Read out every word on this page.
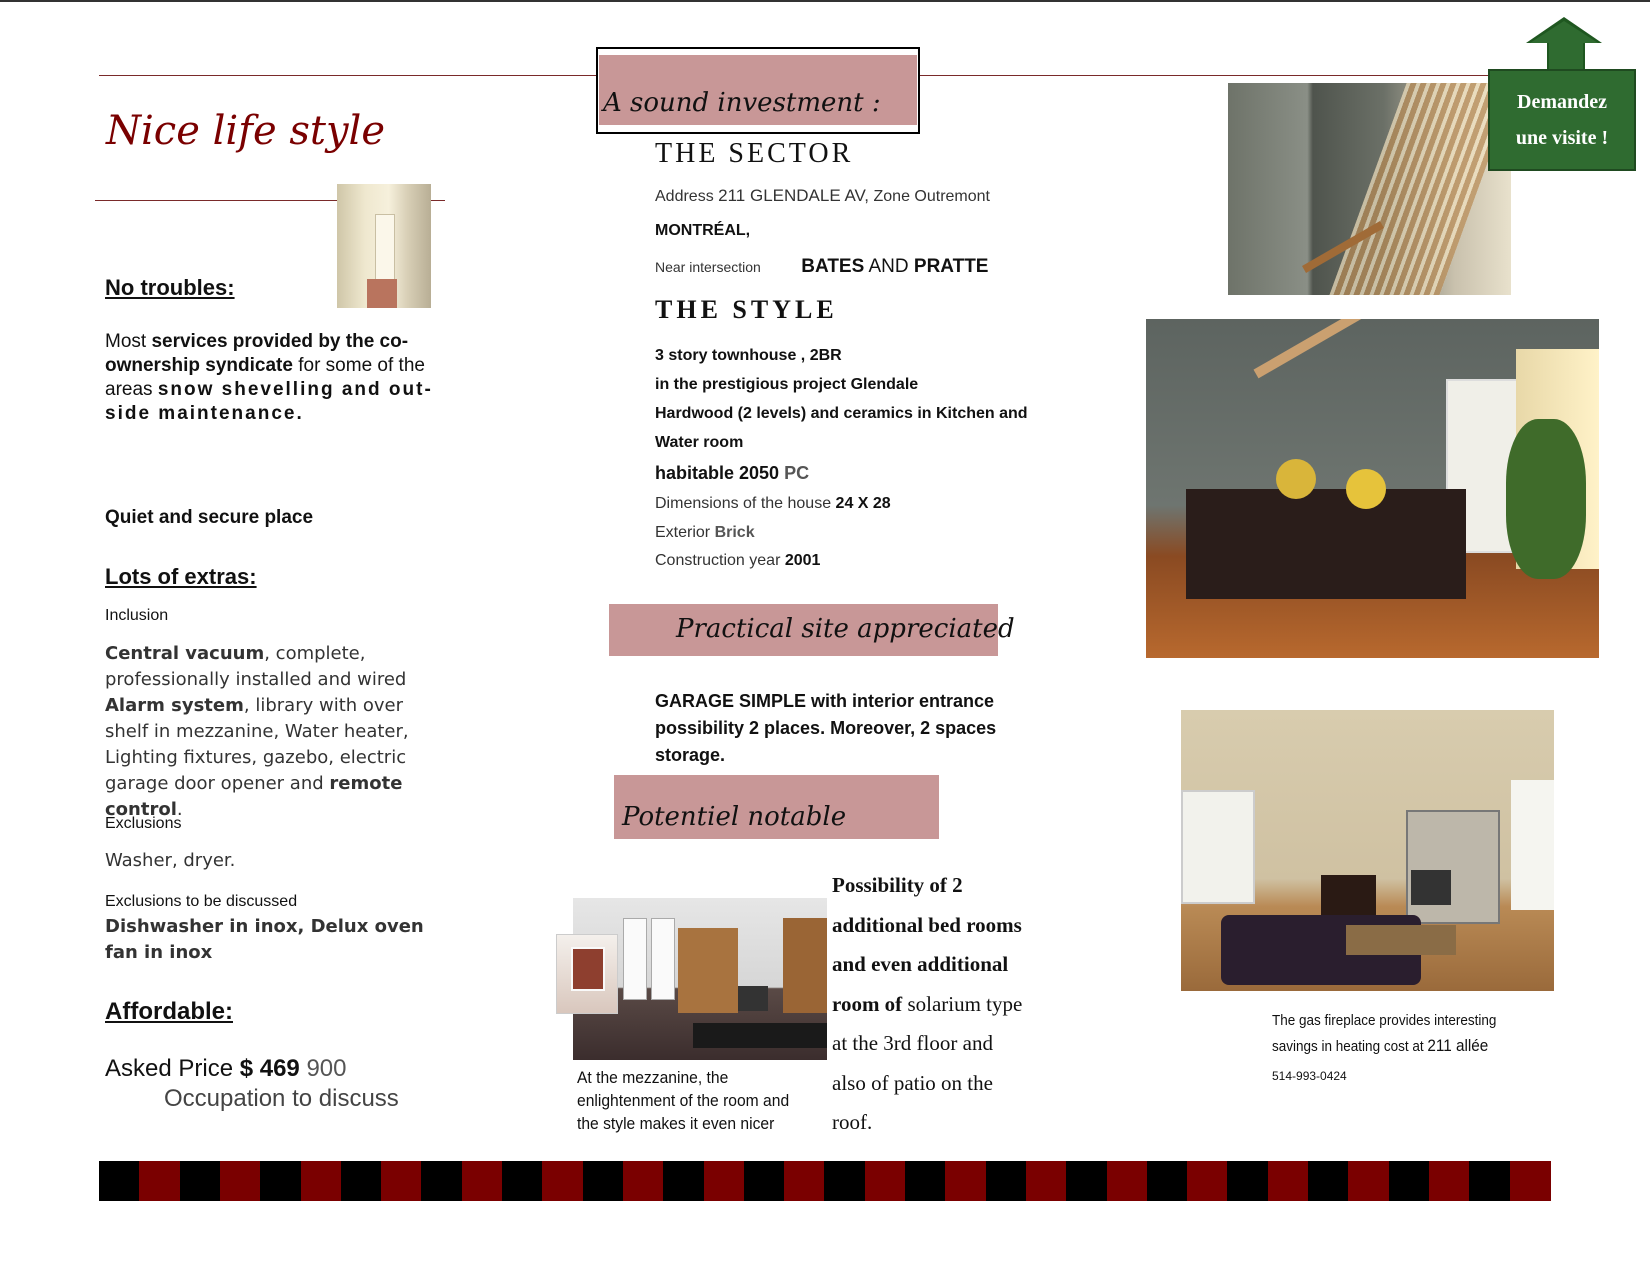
Nice life style
No troubles:
Most services provided by the co-ownership syndicate for some of the areas snow shevelling and out-side maintenance.
Quiet and secure place
Lots of extras:
Inclusion
Central vacuum, complete, professionally installed and wired Alarm system, library with over shelf in mezzanine, Water heater, Lighting fixtures, gazebo, electric garage door opener and remote control.
Exclusions
Washer, dryer.
Exclusions to be discussed
Dishwasher in inox, Delux oven fan in inox
Affordable:
Asked Price $ 469 900
Occupation to discuss
A sound investment :
THE SECTOR
Address 211 GLENDALE AV, Zone Outremont
MONTRÉAL,
Near intersection BATES AND PRATTE
THE STYLE
3 story townhouse , 2BR
in the prestigious project Glendale
Hardwood (2 levels) and ceramics in Kitchen and
Water room
habitable 2050 PC
Dimensions of the house 24 X 28
Exterior Brick
Construction year 2001
Practical site appreciated
GARAGE SIMPLE with interior entrance possibility 2 places. Moreover, 2 spaces storage.
Potentiel notable
At the mezzanine, the enlightenment of the room and the style makes it even nicer
Possibility of 2 additional bed rooms and even additional room of solarium type at the 3rd floor and also of patio on the roof.
Demandez une visite !
The gas fireplace provides interesting savings in heating cost at 211 allée
514-993-0424
